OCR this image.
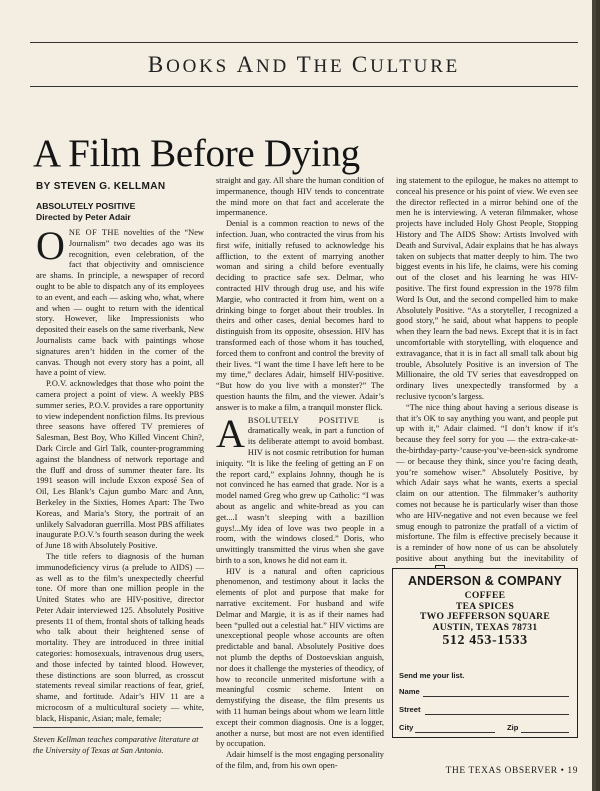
BOOKS AND THE CULTURE
A Film Before Dying
BY STEVEN G. KELLMAN
ABSOLUTELY POSITIVE
Directed by Peter Adair

ONE OF THE novelties of the “New Journalism” two decades ago was its recognition, even celebration, of the fact that objectivity and omniscience are shams. In principle, a newspaper of record ought to be able to dispatch any of its employees to an event, and each — asking who, what, where and when — ought to return with the identical story. However, like Impressionists who deposited their easels on the same riverbank, New Journalists came back with paintings whose signatures aren’t hidden in the corner of the canvas. Though not every story has a point, all have a point of view.

P.O.V. acknowledges that those who point the camera project a point of view. A weekly PBS summer series, P.O.V. provides a rare opportunity to view independent nonfiction films. Its previous three seasons have offered TV premieres of Salesman, Best Boy, Who Killed Vincent Chin?, Dark Circle and Girl Talk, counter-programming against the blandness of network reportage and the fluff and dross of summer theater fare. Its 1991 season will include Exxon exposé Sea of Oil, Les Blank’s Cajun gumbo Marc and Ann, Berkeley in the Sixties, Homes Apart: The Two Koreas, and Maria’s Story, the portrait of an unlikely Salvadoran guerrilla. Most PBS affiliates inaugurate P.O.V.’s fourth season during the week of June 18 with Absolutely Positive.

The title refers to diagnosis of the human immunodeficiency virus (a prelude to AIDS) — as well as to the film’s unexpectedly cheerful tone. Of more than one million people in the United States who are HIV-positive, director Peter Adair interviewed 125. Absolutely Positive presents 11 of them, frontal shots of talking heads who talk about their heightened sense of mortality. They are introduced in three initial categories: homosexuals, intravenous drug users, and those infected by tainted blood. However, these distinctions are soon blurred, as crosscut statements reveal similar reactions of fear, grief, shame, and fortitude. Adair’s HIV 11 are a microcosm of a multicultural society — white, black, Hispanic, Asian; male, female;

Steven Kellman teaches comparative literature at the University of Texas at San Antonio.

straight and gay. All share the human condition of impermanence, though HIV tends to concentrate the mind more on that fact and accelerate the impermanence.

Denial is a common reaction to news of the infection. Juan, who contracted the virus from his first wife, initially refused to acknowledge his affliction, to the extent of marrying another woman and siring a child before eventually deciding to practice safe sex. Delmar, who contracted HIV through drug use, and his wife Margie, who contracted it from him, went on a drinking binge to forget about their troubles. In theirs and other cases, denial becomes hard to distinguish from its opposite, obsession. HIV has transformed each of those whom it has touched, forced them to confront and control the brevity of their lives. “I want the time I have left here to be my time,” declares Adair, himself HIV-positive. “But how do you live with a monster?” The question haunts the film, and the viewer. Adair’s answer is to make a film, a tranquil monster flick.

ABSOLUTELY POSITIVE is dramatically weak, in part a function of its deliberate attempt to avoid bombast. HIV is not cosmic retribution for human iniquity. “It is like the feeling of getting an F on the report card,” explains Johnny, though he is not convinced he has earned that grade. Nor is a model named Greg who grew up Catholic: “I was about as angelic and white-bread as you can get....I wasn’t sleeping with a bazillion guys!...My idea of love was two people in a room, with the windows closed.” Doris, who unwittingly transmitted the virus when she gave birth to a son, knows he did not earn it.

HIV is a natural and often capricious phenomenon, and testimony about it lacks the elements of plot and purpose that make for narrative excitement. For husband and wife Delmar and Margie, it is as if their names had been “pulled out a celestial hat.” HIV victims are unexceptional people whose accounts are often predictable and banal. Absolutely Positive does not plumb the depths of Dostoevskian anguish, nor does it challenge the mysteries of theodicy, of how to reconcile unmerited misfortune with a meaningful cosmic scheme. Intent on demystifying the disease, the film presents us with 11 human beings about whom we learn little except their common diagnosis. One is a logger, another a nurse, but most are not even identified by occupation.

Adair himself is the most engaging personality of the film, and, from his own open-

ing statement to the epilogue, he makes no attempt to conceal his presence or his point of view. We even see the director reflected in a mirror behind one of the men he is interviewing. A veteran filmmaker, whose projects have included Holy Ghost People, Stopping History and The AIDS Show: Artists Involved with Death and Survival, Adair explains that he has always taken on subjects that matter deeply to him. The two biggest events in his life, he claims, were his coming out of the closet and his learning he was HIV-positive. The first found expression in the 1978 film Word Is Out, and the second compelled him to make Absolutely Positive. “As a storyteller, I recognized a good story,” he said, about what happens to people when they learn the bad news. Except that it is in fact uncomfortable with storytelling, with eloquence and extravagance, that it is in fact all small talk about big trouble, Absolutely Positive is an inversion of The Millionaire, the old TV series that eavesdropped on ordinary lives unexpectedly transformed by a reclusive tycoon’s largess.

“The nice thing about having a serious disease is that it’s OK to say anything you want, and people put up with it,” Adair claimed. “I don’t know if it’s because they feel sorry for you — the extra-cake-at-the-birthday-party-’cause-you’ve-been-sick syndrome — or because they think, since you’re facing death, you’re somehow wiser.” Absolutely Positive, by which Adair says what he wants, exerts a special claim on our attention. The filmmaker’s authority comes not because he is particularly wiser than those who are HIV-negative and not even because we feel smug enough to patronize the pratfall of a victim of misfortune. The film is effective precisely because it is a reminder of how none of us can be absolutely positive about anything but the inevitability of

ANDERSON & COMPANY
COFFEE
TEA SPICES
TWO JEFFERSON SQUARE
AUSTIN, TEXAS 78731
512 453-1533
Send me your list.
Name
Street
City	Zip
THE TEXAS OBSERVER • 19
